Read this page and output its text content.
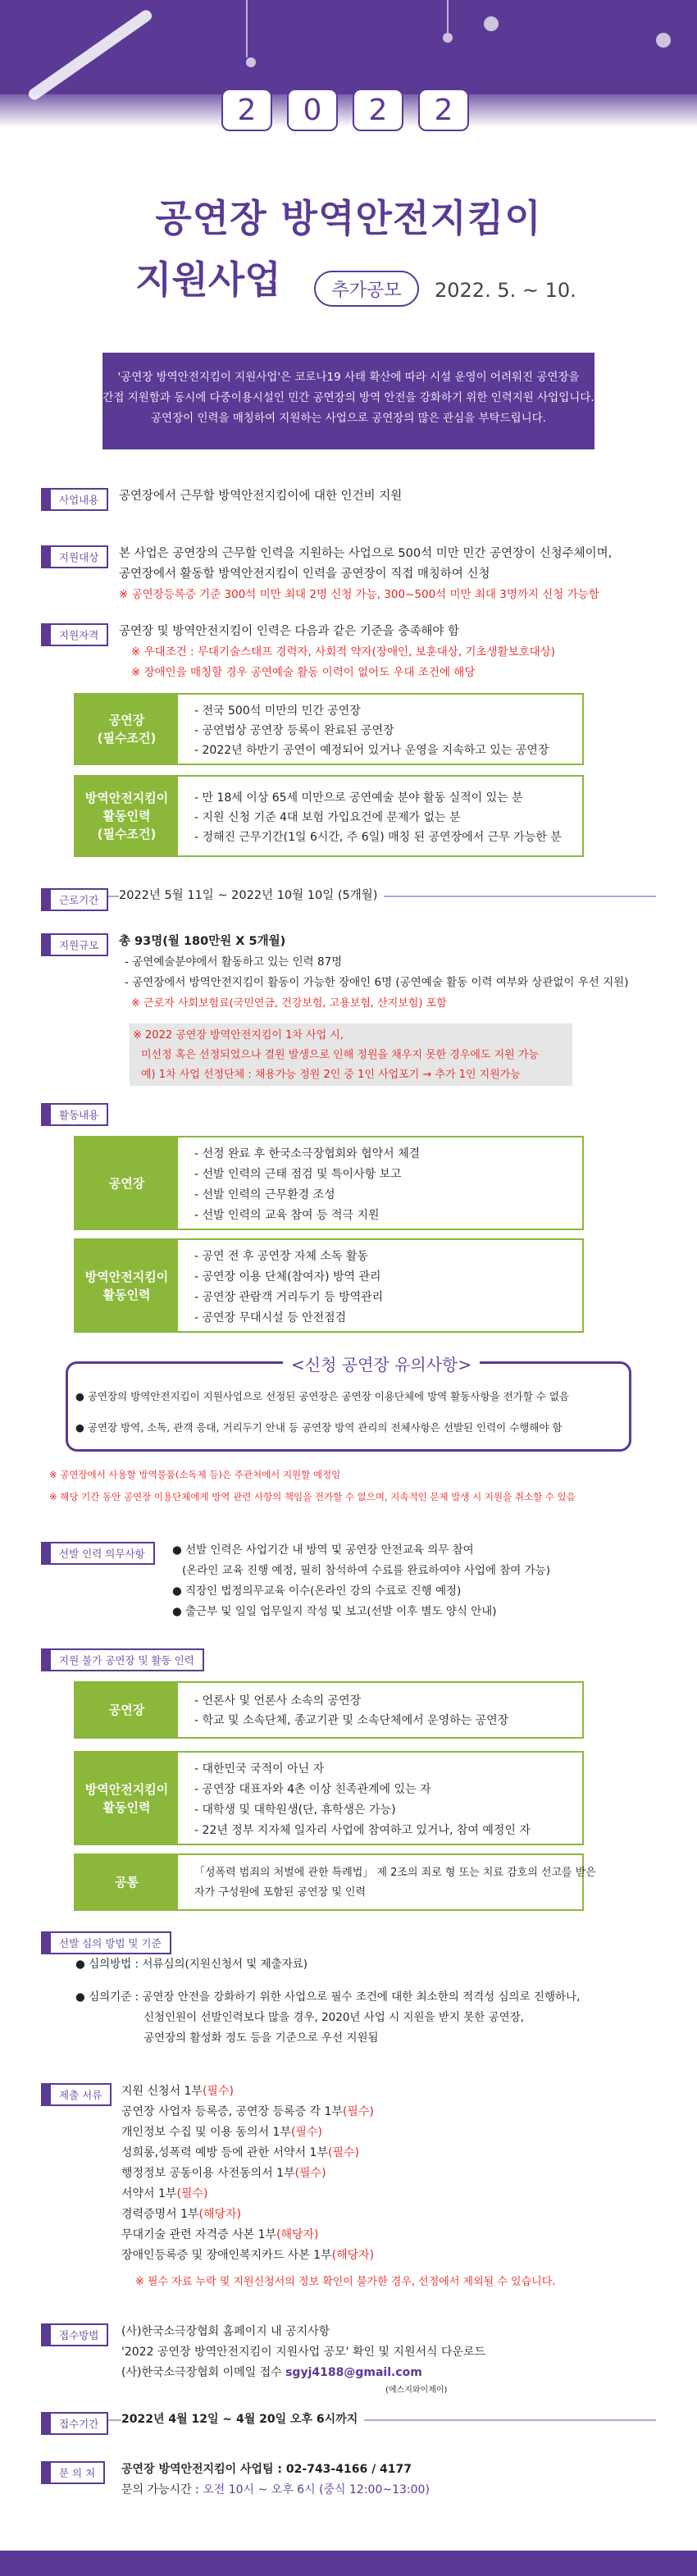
2	0	2	2
공연장 방역안전지킴이
지원사업	추가공모	2022. 5. ~ 10.
'공연장 방역안전지킴이 지원사업'은 코로나19 사태 확산에 따라 시설 운영이 어려워진 공연장을
간접 지원함과 동시에 다중이용시설인 민간 공연장의 방역 안전을 강화하기 위한 인력지원 사업입니다.
공연장이 인력을 매칭하여 지원하는 사업으로 공연장의 많은 관심을 부탁드립니다.
사업내용	공연장에서 근무할 방역안전지킴이에 대한 인건비 지원
지원대상	본 사업은 공연장의 근무할 인력을 지원하는 사업으로 500석 미만 민간 공연장이 신청주체이며,
공연장에서 활동할 방역안전지킴이 인력을 공연장이 직접 매칭하여 신청
※ 공연장등록증 기준 300석 미만 최대 2명 신청 가능, 300~500석 미만 최대 3명까지 신청 가능함
지원자격	공연장 및 방역안전지킴이 인력은 다음과 같은 기준을 충족해야 함
※ 우대조건 : 무대기술스태프 경력자, 사회적 약자(장애인, 보훈대상, 기초생활보호대상)
※ 장애인을 매칭할 경우 공연예술 활동 이력이 없어도 우대 조건에 해당
공연장
(필수조건)
- 전국 500석 미만의 민간 공연장
- 공연법상 공연장 등록이 완료된 공연장
- 2022년 하반기 공연이 예정되어 있거나 운영을 지속하고 있는 공연장
방역안전지킴이
활동인력
(필수조건)
- 만 18세 이상 65세 미만으로 공연예술 분야 활동 실적이 있는 분
- 지원 신청 기준 4대 보험 가입요건에 문제가 없는 분
- 정해진 근무기간(1일 6시간, 주 6일) 매칭 된 공연장에서 근무 가능한 분
근로기간	2022년 5월 11일 ~ 2022년 10월 10일 (5개월)
지원규모	총 93명(월 180만원 X 5개월)
- 공연예술분야에서 활동하고 있는 인력 87명
- 공연장에서 방역안전지킴이 활동이 가능한 장애인 6명 (공연예술 활동 이력 여부와 상관없이 우선 지원)
※ 근로자 사회보험료(국민연금, 건강보험, 고용보험, 산지보험) 포함
※ 2022 공연장 방역안전지킴이 1차 사업 시,
미선정 혹은 선정되었으나 결원 발생으로 인해 정원을 채우지 못한 경우에도 지원 가능
예) 1차 사업 선정단체 : 채용가능 정원 2인 중 1인 사업포기 → 추가 1인 지원가능
활동내용
공연장
- 선정 완료 후 한국소극장협회와 협약서 체결
- 선발 인력의 근태 점검 및 특이사항 보고
- 선발 인력의 근무환경 조성
- 선발 인력의 교육 참여 등 적극 지원
방역안전지킴이
활동인력
- 공연 전 후 공연장 자체 소독 활동
- 공연장 이용 단체(참여자) 방역 관리
- 공연장 관람객 거리두기 등 방역관리
- 공연장 무대시설 등 안전점검
<신청 공연장 유의사항>
● 공연장의 방역안전지킴이 지원사업으로 선정된 공연장은 공연장 이용단체에 방역 활동사항을 전가할 수 없음
● 공연장 방역, 소독, 관객 응대, 거리두기 안내 등 공연장 방역 관리의 전체사항은 선발된 인력이 수행해야 함
※ 공연장에서 사용할 방역물품(소독제 등)은 주관처에서 지원할 예정임
※ 해당 기간 동안 공연장 이용단체에게 방역 관련 사항의 책임을 전가할 수 없으며, 지속적인 문제 발생 시 지원을 취소할 수 있음
선발 인력 의무사항	● 선발 인력은 사업기간 내 방역 및 공연장 안전교육 의무 참여
(온라인 교육 진행 예정, 필히 참석하여 수료를 완료하여야 사업에 참여 가능)
● 직장인 법정의무교육 이수(온라인 강의 수료로 진행 예정)
● 출근부 및 일일 업무일지 작성 및 보고(선발 이후 별도 양식 안내)
지원 불가 공연장 및 활동 인력
공연장
- 언론사 및 언론사 소속의 공연장
- 학교 및 소속단체, 종교기관 및 소속단체에서 운영하는 공연장
방역안전지킴이
활동인력
- 대한민국 국적이 아닌 자
- 공연장 대표자와 4촌 이상 친족관계에 있는 자
- 대학생 및 대학원생(단, 휴학생은 가능)
- 22년 정부 지자체 일자리 사업에 참여하고 있거나, 참여 예정인 자
공통
「성폭력 범죄의 처벌에 관한 특례법」 제 2조의 죄로 형 또는 치료 감호의 선고를 받은
자가 구성원에 포함된 공연장 및 인력
선발 심의 방법 및 기준
● 심의방법 : 서류심의(지원신청서 및 제출자료)
● 심의기준 : 공연장 안전을 강화하기 위한 사업으로 필수 조건에 대한 최소한의 적격성 심의로 진행하나,
신청인원이 선발인력보다 많을 경우, 2020년 사업 시 지원을 받지 못한 공연장,
공연장의 활성화 정도 등을 기준으로 우선 지원됨
제출 서류	지원 신청서 1부(필수)
공연장 사업자 등록증, 공연장 등록증 각 1부(필수)
개인정보 수집 및 이용 동의서 1부(필수)
성희롱,성폭력 예방 등에 관한 서약서 1부(필수)
행정정보 공동이용 사전동의서 1부(필수)
서약서 1부(필수)
경력증명서 1부(해당자)
무대기술 관련 자격증 사본 1부(해당자)
장애인등록증 및 장애인복지카드 사본 1부(해당자)
※ 필수 자료 누락 및 지원신청서의 정보 확인이 불가한 경우, 선정에서 제외될 수 있습니다.
접수방법	(사)한국소극장협회 홈페이지 내 공지사항
'2022 공연장 방역안전지킴이 지원사업 공모' 확인 및 지원서식 다운로드
(사)한국소극장협회 이메일 접수 sgyj4188@gmail.com
(에스지와이제이)
접수기간	2022년 4월 12일 ~ 4월 20일 오후 6시까지
문 의 처	공연장 방역안전지킴이 사업팀 : 02-743-4166 / 4177
문의 가능시간 : 오전 10시 ~ 오후 6시 (중식 12:00~13:00)
